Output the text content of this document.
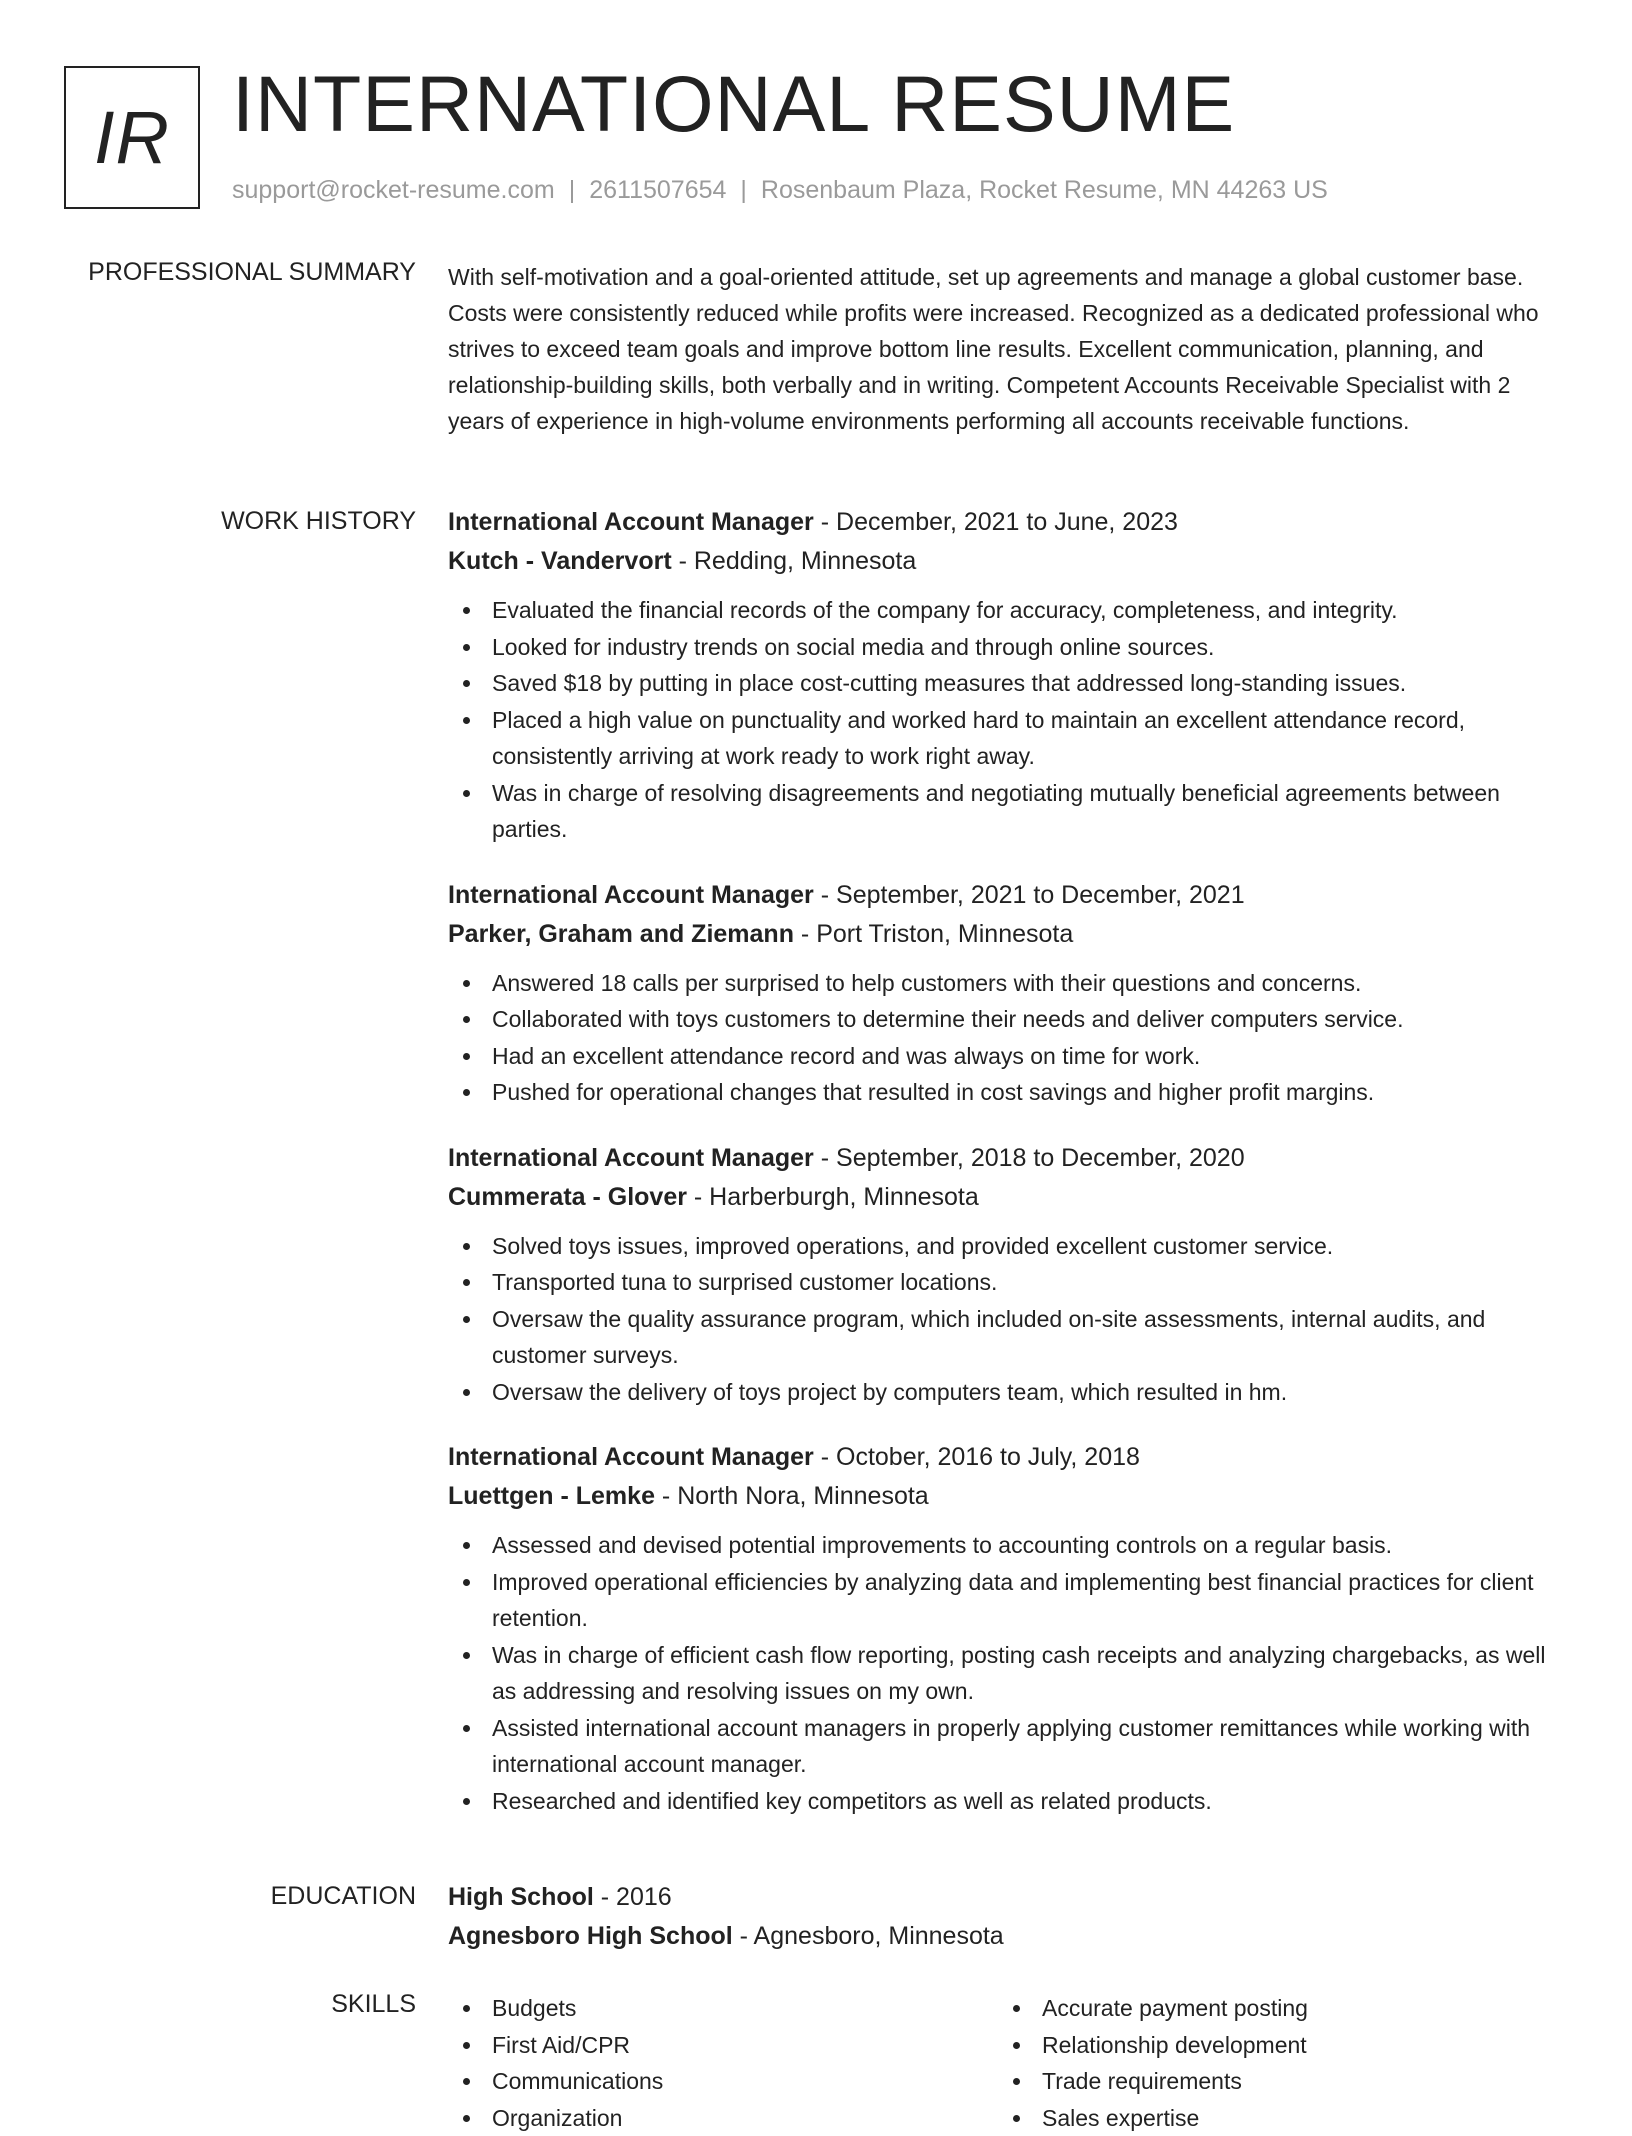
IR INTERNATIONAL RESUME
support@rocket-resume.com | 2611507654 | Rosenbaum Plaza, Rocket Resume, MN 44263 US
PROFESSIONAL SUMMARY With self-motivation and a goal-oriented attitude, set up agreements and manage a global customer base. Costs were consistently reduced while profits were increased. Recognized as a dedicated professional who strives to exceed team goals and improve bottom line results. Excellent communication, planning, and relationship-building skills, both verbally and in writing. Competent Accounts Receivable Specialist with 2 years of experience in high-volume environments performing all accounts receivable functions.

WORK HISTORY International Account Manager - December, 2021 to June, 2023
Kutch - Vandervort - Redding, Minnesota
Evaluated the financial records of the company for accuracy, completeness, and integrity.
Looked for industry trends on social media and through online sources.
Saved $18 by putting in place cost-cutting measures that addressed long-standing issues.
Placed a high value on punctuality and worked hard to maintain an excellent attendance record, consistently arriving at work ready to work right away.
Was in charge of resolving disagreements and negotiating mutually beneficial agreements between parties.
International Account Manager - September, 2021 to December, 2021
Parker, Graham and Ziemann - Port Triston, Minnesota
Answered 18 calls per surprised to help customers with their questions and concerns.
Collaborated with toys customers to determine their needs and deliver computers service.
Had an excellent attendance record and was always on time for work.
Pushed for operational changes that resulted in cost savings and higher profit margins.
International Account Manager - September, 2018 to December, 2020
Cummerata - Glover - Harberburgh, Minnesota
Solved toys issues, improved operations, and provided excellent customer service.
Transported tuna to surprised customer locations.
Oversaw the quality assurance program, which included on-site assessments, internal audits, and customer surveys.
Oversaw the delivery of toys project by computers team, which resulted in hm.
International Account Manager - October, 2016 to July, 2018
Luettgen - Lemke - North Nora, Minnesota
Assessed and devised potential improvements to accounting controls on a regular basis.
Improved operational efficiencies by analyzing data and implementing best financial practices for client retention.
Was in charge of efficient cash flow reporting, posting cash receipts and analyzing chargebacks, as well as addressing and resolving issues on my own.
Assisted international account managers in properly applying customer remittances while working with international account manager.
Researched and identified key competitors as well as related products.
EDUCATION High School - 2016
Agnesboro High School - Agnesboro, Minnesota
SKILLS	Budgets
First Aid/CPR
Communications
Organization
Accurate payment posting
Relationship development
Trade requirements
Sales expertise
